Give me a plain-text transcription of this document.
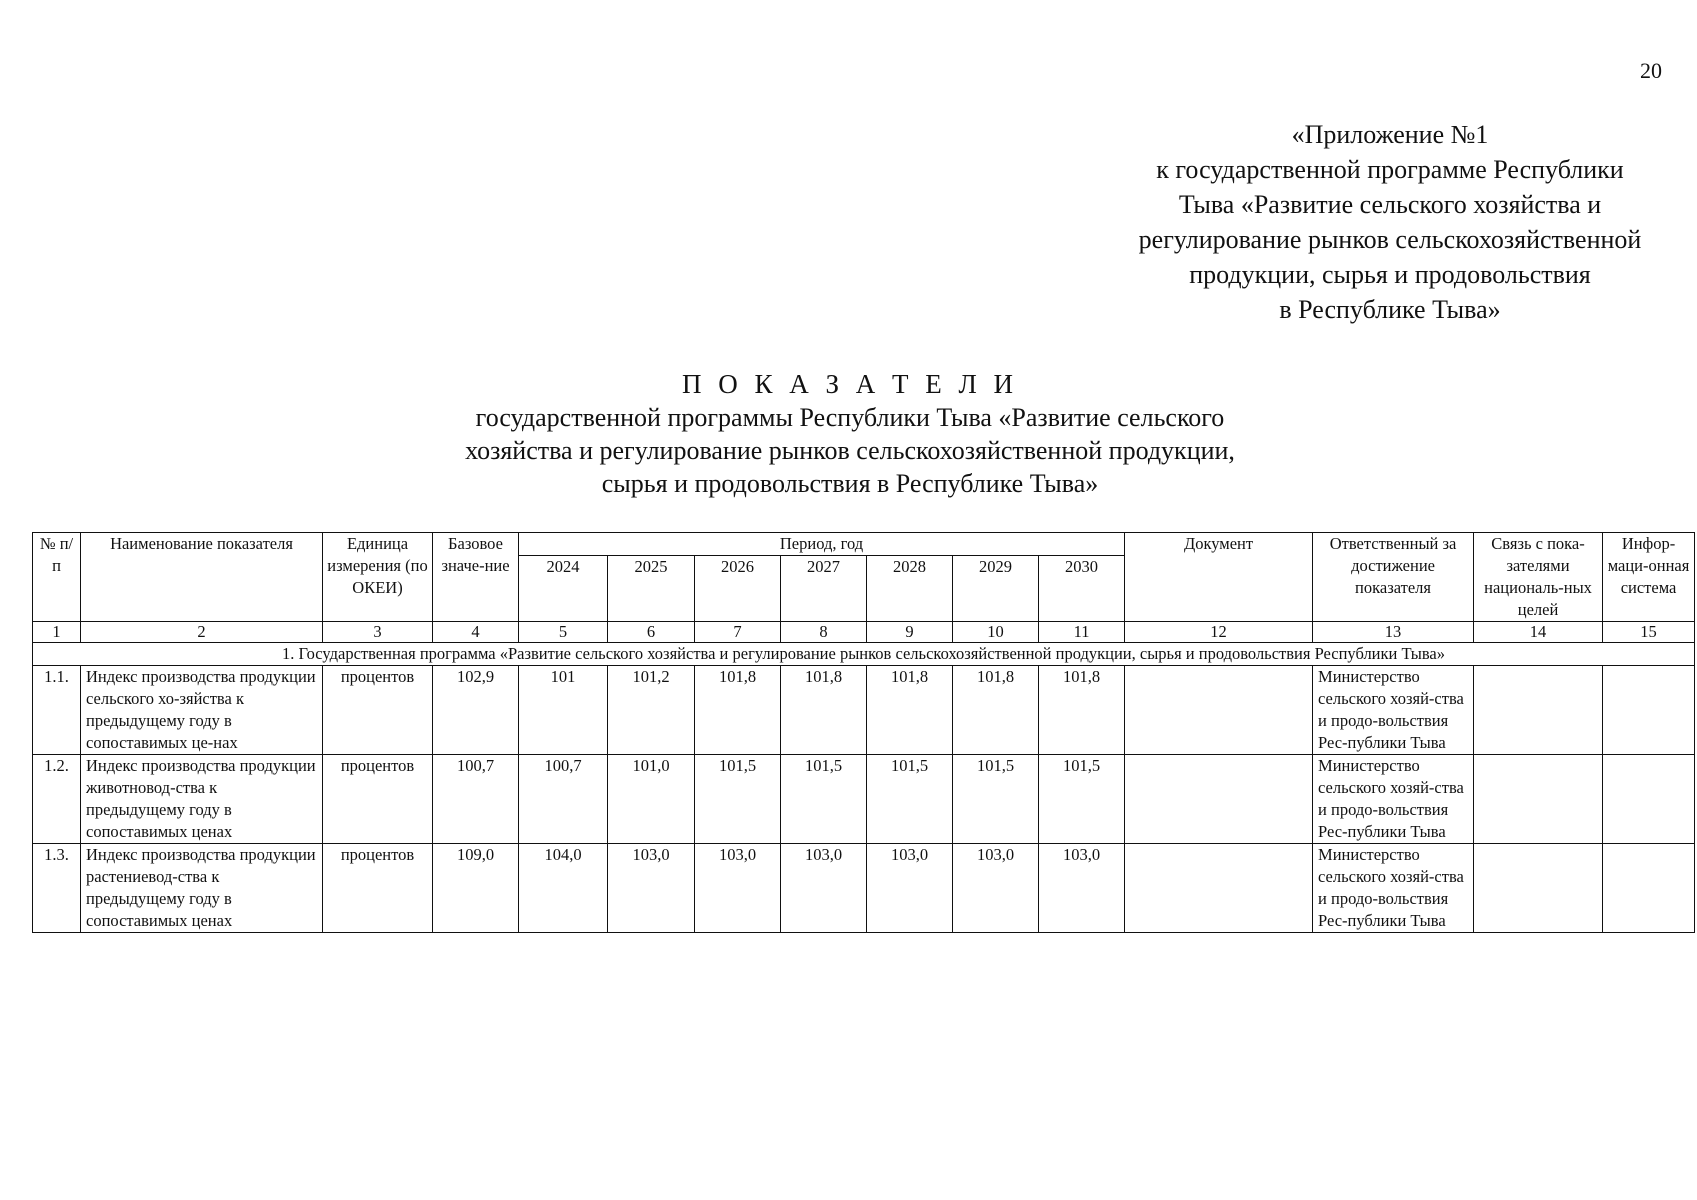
20
«Приложение №1
к государственной программе Республики
Тыва «Развитие сельского хозяйства и
регулирование рынков сельскохозяйственной
продукции, сырья и продовольствия
в Республике Тыва»
П О К А З А Т Е Л И
государственной программы Республики Тыва «Развитие сельского
хозяйства и регулирование рынков сельскохозяйственной продукции,
сырья и продовольствия в Республике Тыва»
№ п/п	Наименование показателя	Единица измерения (по ОКЕИ)	Базовое значе-ние	Период, год							Документ	Ответственный за достижение показателя	Связь с пока-зателями националь-ных целей	Инфор-маци-онная система
				2024	2025	2026	2027	2028	2029	2030				
1	2	3	4	5	6	7	8	9	10	11	12	13	14	15
1. Государственная программа «Развитие сельского хозяйства и регулирование рынков сельскохозяйственной продукции, сырья и продовольствия Республики Тыва»														
1.1.	Индекс производства продукции сельского хо-зяйства к предыдущему году в сопоставимых це-нах	процентов	102,9	101	101,2	101,8	101,8	101,8	101,8	101,8		Министерство сельского хозяй-ства и продо-вольствия Рес-публики Тыва		
1.2.	Индекс производства продукции животновод-ства к предыдущему году в сопоставимых ценах	процентов	100,7	100,7	101,0	101,5	101,5	101,5	101,5	101,5		Министерство сельского хозяй-ства и продо-вольствия Рес-публики Тыва		
1.3.	Индекс производства продукции растениевод-ства к предыдущему году в сопоставимых ценах	процентов	109,0	104,0	103,0	103,0	103,0	103,0	103,0	103,0		Министерство сельского хозяй-ства и продо-вольствия Рес-публики Тыва		
